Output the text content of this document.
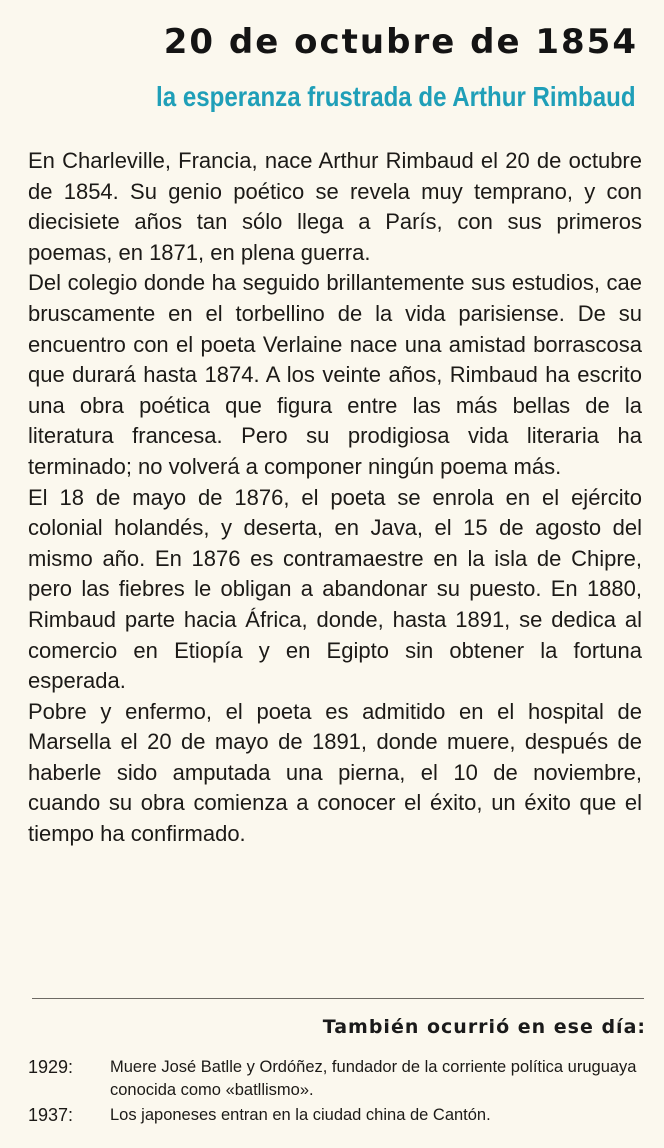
20 de octubre de 1854
la esperanza frustrada de Arthur Rimbaud

En Charleville, Francia, nace Arthur Rimbaud el 20 de octubre de 1854. Su genio poético se revela muy temprano, y con diecisiete años tan sólo llega a París, con sus primeros poemas, en 1871, en plena guerra.

Del colegio donde ha seguido brillantemente sus estudios, cae bruscamente en el torbellino de la vida parisiense. De su encuentro con el poeta Verlaine nace una amistad borrascosa que durará hasta 1874. A los veinte años, Rimbaud ha escrito una obra poética que figura entre las más bellas de la literatura francesa. Pero su prodigiosa vida literaria ha terminado; no volverá a componer ningún poema más.

El 18 de mayo de 1876, el poeta se enrola en el ejército colonial holandés, y deserta, en Java, el 15 de agosto del mismo año. En 1876 es contramaestre en la isla de Chipre, pero las fiebres le obligan a abandonar su puesto. En 1880, Rimbaud parte hacia África, donde, hasta 1891, se dedica al comercio en Etiopía y en Egipto sin obtener la fortuna esperada.

Pobre y enfermo, el poeta es admitido en el hospital de Marsella el 20 de mayo de 1891, donde muere, después de haberle sido amputada una pierna, el 10 de noviembre, cuando su obra comienza a conocer el éxito, un éxito que el tiempo ha confirmado.

También ocurrió en ese día:
1929:	Muere José Batlle y Ordóñez, fundador de la corriente política uruguaya conocida como «batllismo».
1937:	Los japoneses entran en la ciudad china de Cantón.
